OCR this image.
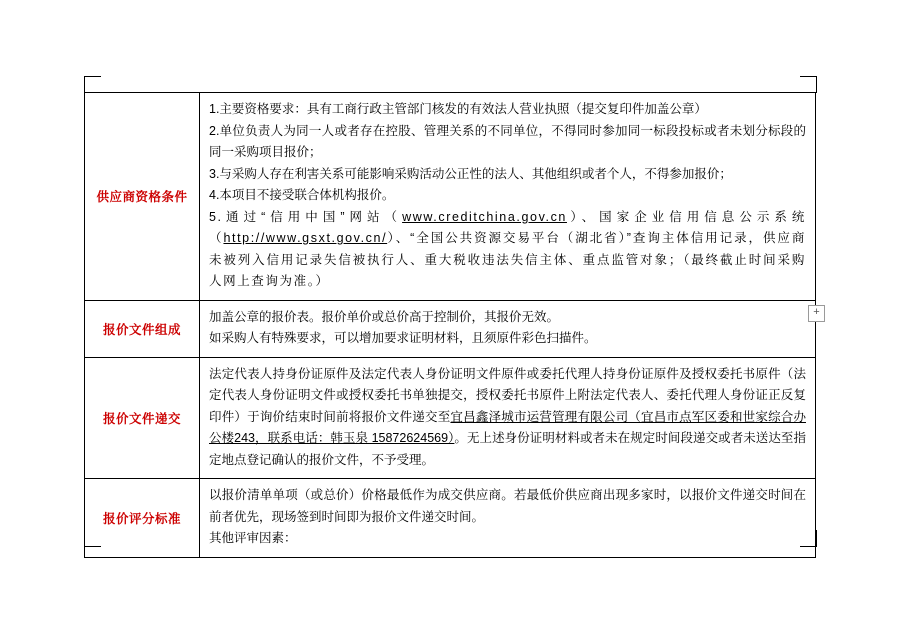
供应商资格条件	1.主要资格要求：具有工商行政主管部门核发的有效法人营业执照（提交复印件加盖公章）

2.单位负责人为同一人或者存在控股、管理关系的不同单位，不得同时参加同一标段投标或者未划分标段的同一采购项目报价；

3.与采购人存在利害关系可能影响采购活动公正性的法人、其他组织或者个人，不得参加报价；

4.本项目不接受联合体机构报价。

5.通过“信用中国”网站（www.creditchina.gov.cn）、国家企业信用信息公示系统（http://www.gsxt.gov.cn/）、“全国公共资源交易平台（湖北省）”查询主体信用记录，供应商未被列入信用记录失信被执行人、重大税收违法失信主体、重点监管对象；（最终截止时间采购人网上查询为准。）

报价文件组成	加盖公章的报价表。报价单价或总价高于控制价，其报价无效。

如采购人有特殊要求，可以增加要求证明材料，且须原件彩色扫描件。

报价文件递交	法定代表人持身份证原件及法定代表人身份证明文件原件或委托代理人持身份证原件及授权委托书原件（法定代表人身份证明文件或授权委托书单独提交，授权委托书原件上附法定代表人、委托代理人身份证正反复印件）于询价结束时间前将报价文件递交至宜昌鑫泽城市运营管理有限公司（宜昌市点军区委和世家综合办公楼243，联系电话：韩玉泉 15872624569）。无上述身份证明材料或者未在规定时间段递交或者未送达至指定地点登记确认的报价文件，不予受理。

报价评分标准	以报价清单单项（或总价）价格最低作为成交供应商。若最低价供应商出现多家时，以报价文件递交时间在前者优先，现场签到时间即为报价文件递交时间。

其他评审因素：

+
